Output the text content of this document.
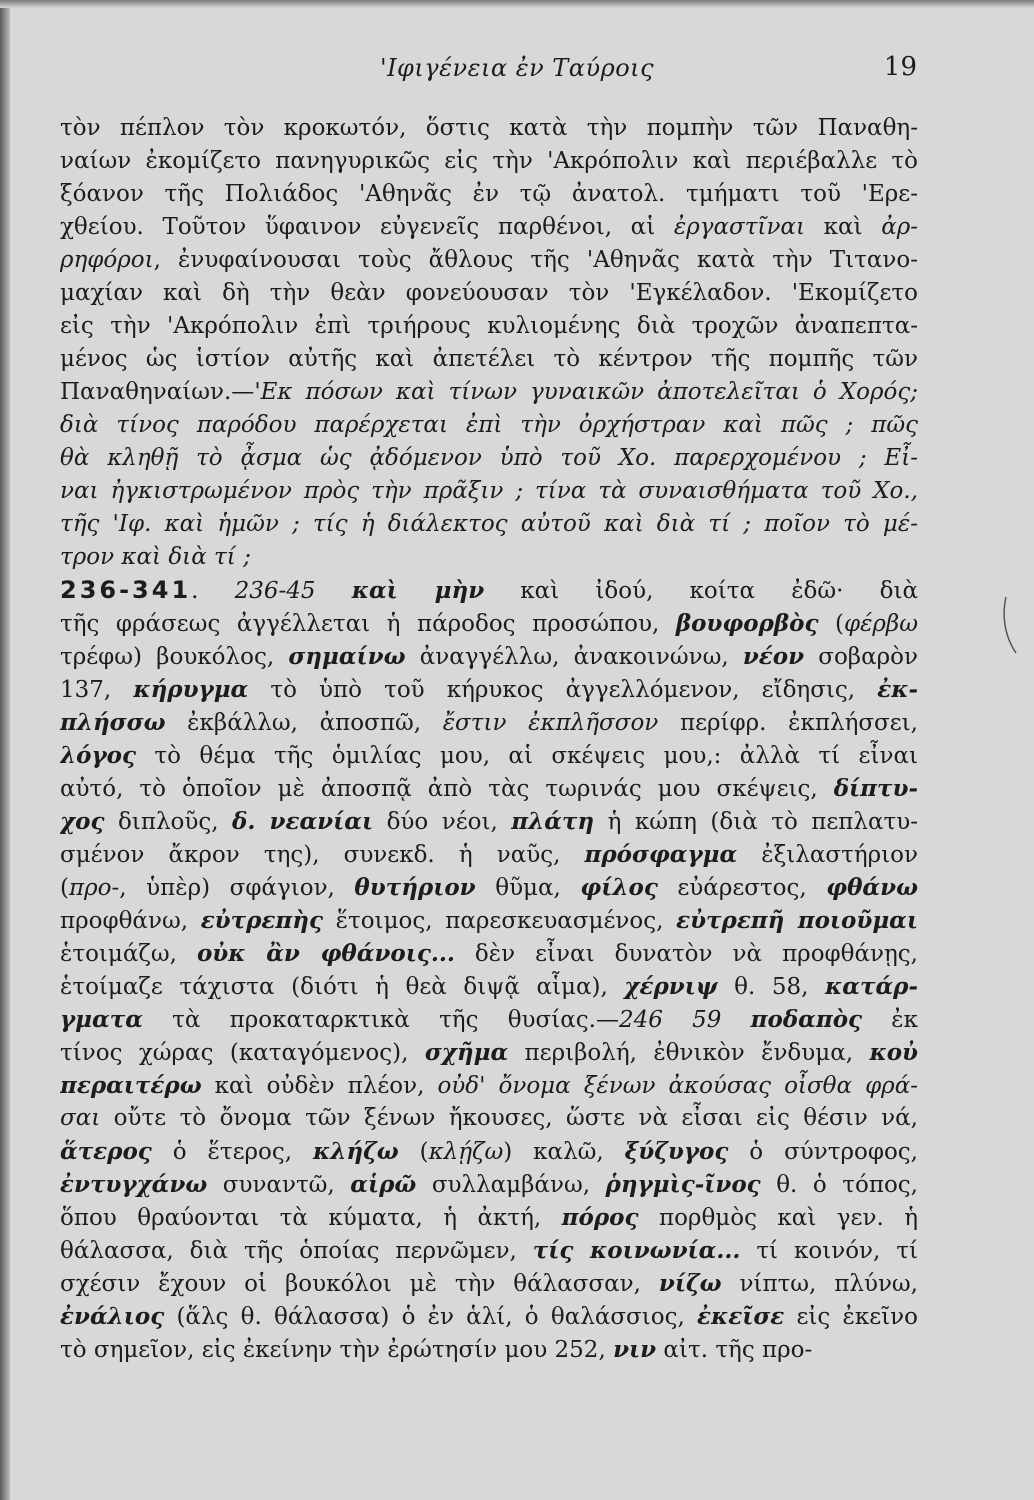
'Ιφιγένεια ἐν Ταύροις	19
τὸν πέπλον τὸν κροκωτόν, ὅστις κατὰ τὴν πομπὴν τῶν Παναθη-
ναίων ἐκομίζετο πανηγυρικῶς εἰς τὴν 'Ακρόπολιν καὶ περιέβαλλε τὸ
ξόανον τῆς Πολιάδος 'Αθηνᾶς ἐν τῷ ἀνατολ. τμήματι τοῦ 'Ερε-
χθείου. Τοῦτον ὕφαινον εὐγενεῖς παρθένοι, αἱ ἐργαστῖναι καὶ ἀρ-
ρηφόροι, ἐνυφαίνουσαι τοὺς ἄθλους τῆς 'Αθηνᾶς κατὰ τὴν Τιτανο-
μαχίαν καὶ δὴ τὴν θεὰν φονεύουσαν τὸν 'Εγκέλαδον. 'Εκομίζετο
εἰς τὴν 'Ακρόπολιν ἐπὶ τριήρους κυλιομένης διὰ τροχῶν ἀναπεπτα-
μένος ὡς ἱστίον αὐτῆς καὶ ἀπετέλει τὸ κέντρον τῆς πομπῆς τῶν
Παναθηναίων.—'Εκ πόσων καὶ τίνων γυναικῶν ἀποτελεῖται ὁ Χορός;
διὰ τίνος παρόδου παρέρχεται ἐπὶ τὴν ὀρχήστραν καὶ πῶς ; πῶς
θὰ κληθῇ τὸ ᾆσμα ὡς ᾀδόμενον ὑπὸ τοῦ Χο. παρερχομένου ; Εἶ-
ναι ἠγκιστρωμένον πρὸς τὴν πρᾶξιν ; τίνα τὰ συναισθήματα τοῦ Χο.,
τῆς 'Ιφ. καὶ ἡμῶν ; τίς ἡ διάλεκτος αὐτοῦ καὶ διὰ τί ; ποῖον τὸ μέ-
τρον καὶ διὰ τί ;
236-341. 236-45 καὶ μὴν καὶ ἰδού, κοίτα ἐδῶ· διὰ
τῆς φράσεως ἀγγέλλεται ἡ πάροδος προσώπου, βουφορβὸς (φέρβω
τρέφω) βουκόλος, σημαίνω ἀναγγέλλω, ἀνακοινώνω, νέον σοβαρὸν
137, κήρυγμα τὸ ὑπὸ τοῦ κήρυκος ἀγγελλόμενον, εἴδησις, ἐκ-
πλήσσω ἐκβάλλω, ἀποσπῶ, ἔστιν ἐκπλῆσσον περίφρ. ἐκπλήσσει,
λόγος τὸ θέμα τῆς ὁμιλίας μου, αἱ σκέψεις μου,: ἀλλὰ τί εἶναι
αὐτό, τὸ ὁποῖον μὲ ἀποσπᾷ ἀπὸ τὰς τωρινάς μου σκέψεις, δίπτυ-
χος διπλοῦς, δ. νεανίαι δύο νέοι, πλάτη ἡ κώπη (διὰ τὸ πεπλατυ-
σμένον ἄκρον της), συνεκδ. ἡ ναῦς, πρόσφαγμα ἐξιλαστήριον
(προ-, ὑπὲρ) σφάγιον, θυτήριον θῦμα, φίλος εὐάρεστος, φθάνω
προφθάνω, εὐτρεπὴς ἕτοιμος, παρεσκευασμένος, εὐτρεπῆ ποιοῦμαι
ἑτοιμάζω, οὐκ ἂν φθάνοις... δὲν εἶναι δυνατὸν νὰ προφθάνῃς,
ἑτοίμαζε τάχιστα (διότι ἡ θεὰ διψᾷ αἷμα), χέρνιψ θ. 58, κατάρ-
γματα τὰ προκαταρκτικὰ τῆς θυσίας.—246 59 ποδαπὸς ἐκ
τίνος χώρας (καταγόμενος), σχῆμα περιβολή, ἐθνικὸν ἔνδυμα, κοὐ
περαιτέρω καὶ οὐδὲν πλέον, οὐδ' ὄνομα ξένων ἀκούσας οἶσθα φρά-
σαι οὔτε τὸ ὄνομα τῶν ξένων ἤκουσες, ὥστε νὰ εἶσαι εἰς θέσιν νά,
ἅτερος ὁ ἕτερος, κλήζω (κλῄζω) καλῶ, ξύζυγος ὁ σύντροφος,
ἐντυγχάνω συναντῶ, αἱρῶ συλλαμβάνω, ῥηγμὶς-ῖνος θ. ὁ τόπος,
ὅπου θραύονται τὰ κύματα, ἡ ἀκτή, πόρος πορθμὸς καὶ γεν. ἡ
θάλασσα, διὰ τῆς ὁποίας περνῶμεν, τίς κοινωνία... τί κοινόν, τί
σχέσιν ἔχουν οἱ βουκόλοι μὲ τὴν θάλασσαν, νίζω νίπτω, πλύνω,
ἐνάλιος (ἅλς θ. θάλασσα) ὁ ἐν ἁλί, ὁ θαλάσσιος, ἐκεῖσε εἰς ἐκεῖνο
τὸ σημεῖον, εἰς ἐκείνην τὴν ἐρώτησίν μου 252, νιν αἰτ. τῆς προ-
